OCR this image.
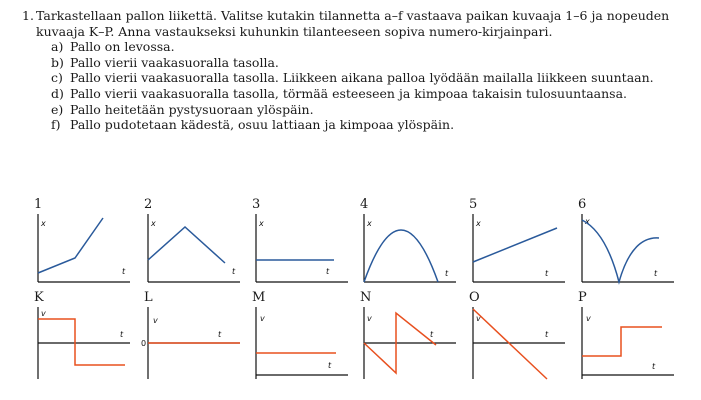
1. Tarkastellaan pallon liikettä. Valitse kutakin tilannetta a–f vastaava paikan kuvaaja 1–6 ja nopeuden kuvaaja K–P. Anna vastaukseksi kuhunkin tilanteeseen sopiva numero-kirjainpari.

a) Pallo on levossa.
b) Pallo vierii vaakasuoralla tasolla.
c) Pallo vierii vaakasuoralla tasolla. Liikkeen aikana palloa lyödään mailalla liikkeen suuntaan.
d) Pallo vierii vaakasuoralla tasolla, törmää esteeseen ja kimpoaa takaisin tulosuuntaansa.
e) Pallo heitetään pystysuoraan ylöspäin.
f) Pallo pudotetaan kädestä, osuu lattiaan ja kimpoaa ylöspäin.
1	2	3	4	5	6
x
t
x
t
x
t
x
t
x
t
x
t
K	L	M	N	O	P
v
t
v
t
0
v
t
v
t
v
t
v
t
